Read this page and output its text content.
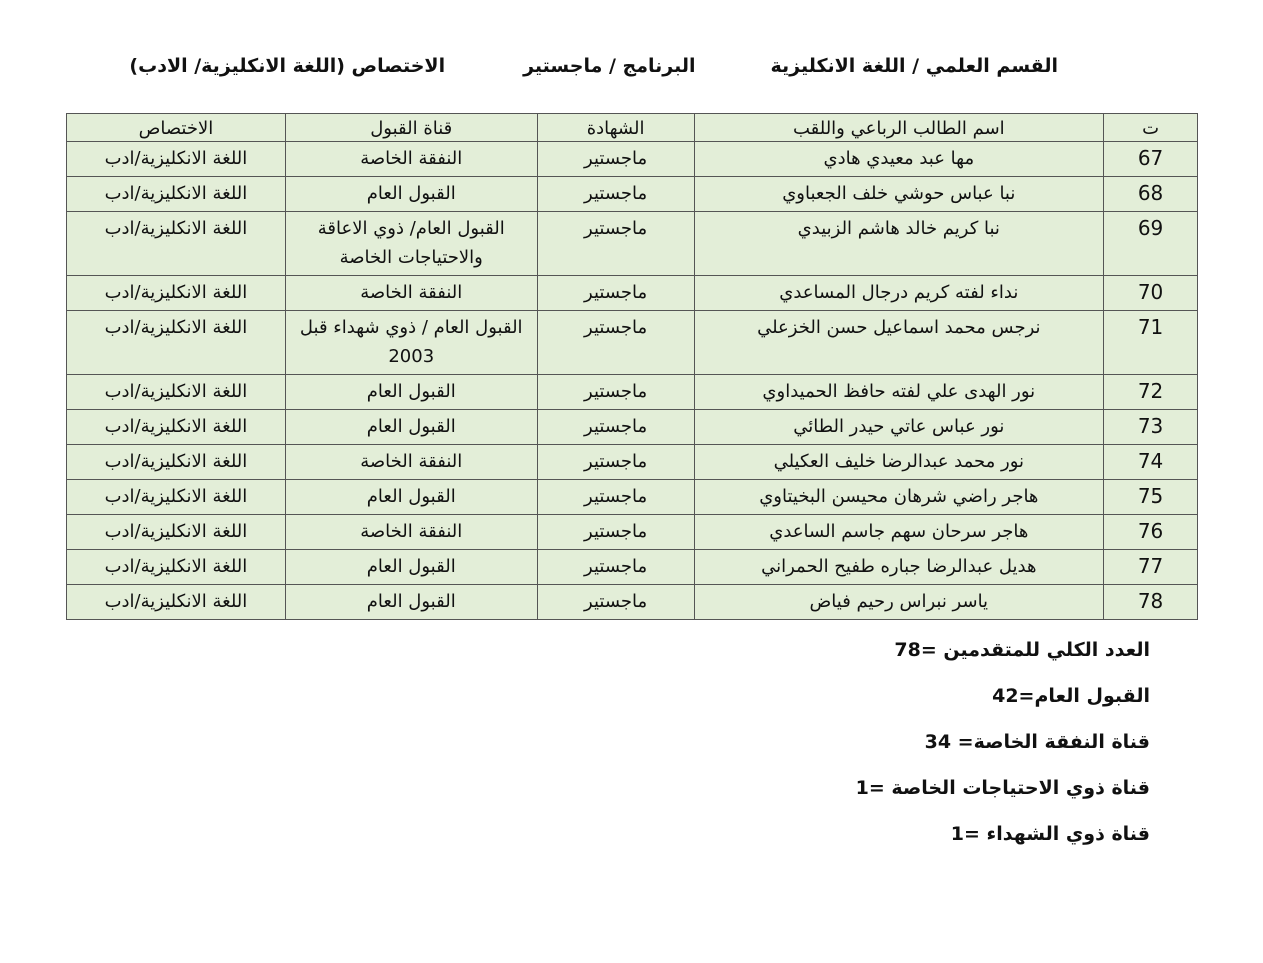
القسم العلمي / اللغة الانكليزية
البرنامج / ماجستير
الاختصاص (اللغة الانكليزية/ الادب)
ت	اسم الطالب الرباعي واللقب	الشهادة	قناة القبول	الاختصاص
67	مها عبد معيدي هادي	ماجستير	النفقة الخاصة	اللغة الانكليزية/ادب
68	نبا عباس حوشي خلف الجعباوي	ماجستير	القبول العام	اللغة الانكليزية/ادب
69	نبا كريم خالد هاشم الزبيدي	ماجستير	القبول العام/ ذوي الاعاقة والاحتياجات الخاصة	اللغة الانكليزية/ادب
70	نداء لفته كريم درجال المساعدي	ماجستير	النفقة الخاصة	اللغة الانكليزية/ادب
71	نرجس محمد اسماعيل حسن الخزعلي	ماجستير	القبول العام / ذوي شهداء قبل 2003	اللغة الانكليزية/ادب
72	نور الهدى علي لفته حافظ الحميداوي	ماجستير	القبول العام	اللغة الانكليزية/ادب
73	نور عباس عاتي حيدر الطائي	ماجستير	القبول العام	اللغة الانكليزية/ادب
74	نور محمد عبدالرضا خليف العكيلي	ماجستير	النفقة الخاصة	اللغة الانكليزية/ادب
75	هاجر راضي شرهان محيسن البخيتاوي	ماجستير	القبول العام	اللغة الانكليزية/ادب
76	هاجر سرحان سهم جاسم الساعدي	ماجستير	النفقة الخاصة	اللغة الانكليزية/ادب
77	هديل عبدالرضا جباره طفيح الحمراني	ماجستير	القبول العام	اللغة الانكليزية/ادب
78	ياسر نبراس رحيم فياض	ماجستير	القبول العام	اللغة الانكليزية/ادب
العدد الكلي للمتقدمين =78
القبول العام=42
قناة النفقة الخاصة= 34
قناة ذوي الاحتياجات الخاصة =1
قناة ذوي الشهداء =1
